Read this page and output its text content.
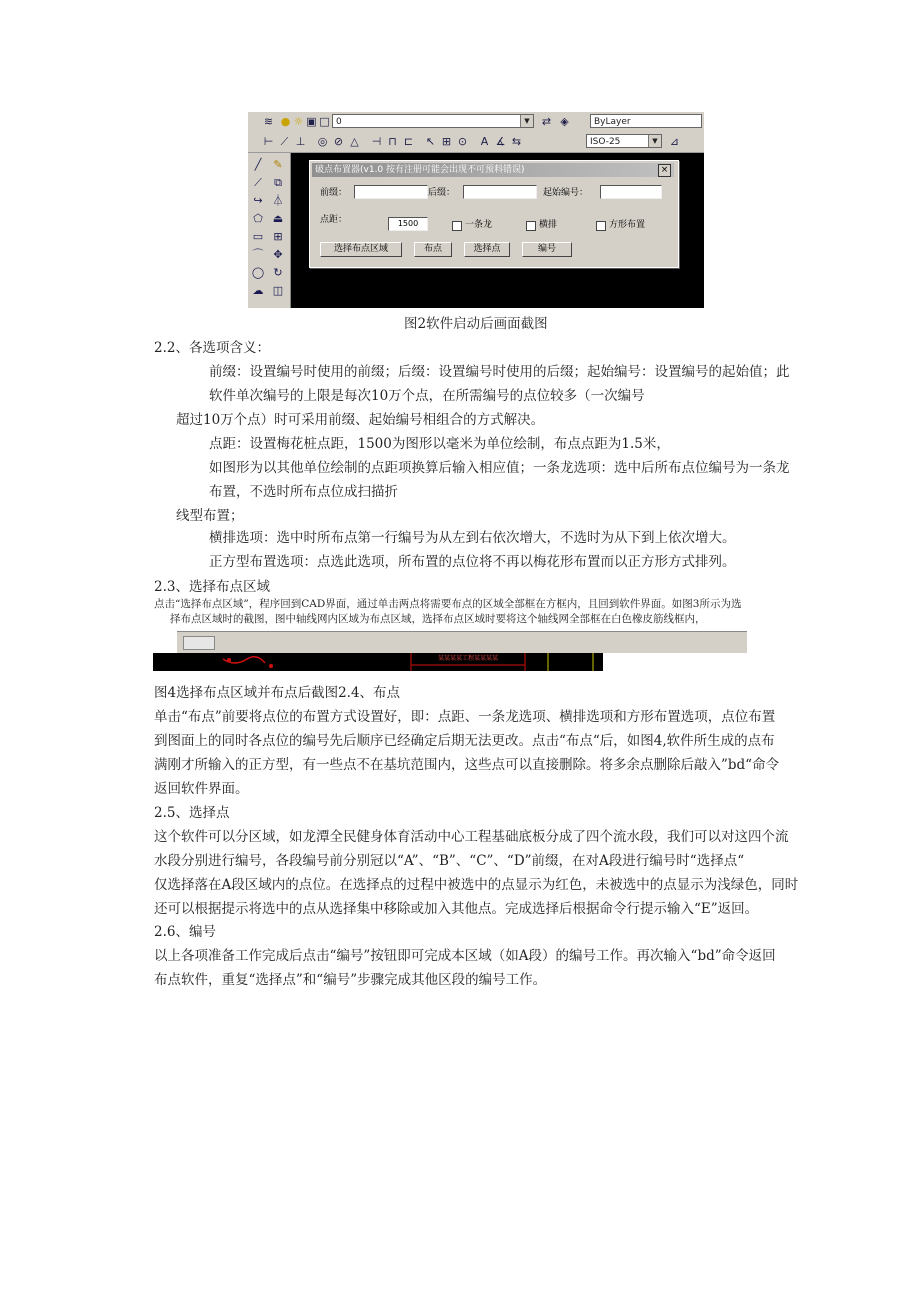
≋ ● ☼ ▣ □ 0	▼	⇄ ◈	ByLayer
⊢ ⟋ ⊥ ◎ ⊘ △ ⊣ ⊓ ⊏ ↖ ⊞ ⊙ A ∡ ⇆	ISO-25	▼	⊿
╱
⟋
↪
⬠
▭
⌒
◯
☁
✎
⧉
⏃
⏏
⊞
✥
↻
◫
破点布置器(v1.0 按有注册可能会出现不可预料错误)	×
前缀：	后缀：	起始编号：
点距：	1500	一条龙	横排	方形布置
选择布点区域	布点	选择点	编号
图2软件启动后画面截图
2.2、各选项含义：
前缀：设置编号时使用的前缀；后缀：设置编号时使用的后缀；起始编号：设置编号的起始值；此
软件单次编号的上限是每次10万个点，在所需编号的点位较多（一次编号
超过10万个点）时可采用前缀、起始编号相组合的方式解决。
点距：设置梅花桩点距，1500为图形以毫米为单位绘制，布点点距为1.5米，
如图形为以其他单位绘制的点距项换算后输入相应值；一条龙选项：选中后所布点位编号为一条龙
布置，不选时所布点位成扫描折
线型布置；
横排选项：选中时所布点第一行编号为从左到右依次增大，不选时为从下到上依次增大。
正方型布置选项：点选此选项，所布置的点位将不再以梅花形布置而以正方形方式排列。
2.3、选择布点区域
点击“选择布点区域”，程序回到CAD界面，通过单击两点将需要布点的区域全部框在方框内，且回到软件界面。如图3所示为选
择布点区域时的截图，图中轴线网内区域为布点区域，选择布点区域时要将这个轴线网全部框在白色橡皮筋线框内，
某某某某工程某某某某
图4选择布点区域并布点后截图2.4、布点
单击“布点”前要将点位的布置方式设置好，即：点距、一条龙选项、横排选项和方形布置选项，点位布置
到图面上的同时各点位的编号先后顺序已经确定后期无法更改。点击“布点“后，如图4,软件所生成的点布
满刚才所输入的正方型，有一些点不在基坑范围内，这些点可以直接删除。将多余点删除后敲入”bd“命令
返回软件界面。
2.5、选择点
这个软件可以分区域，如龙潭全民健身体育活动中心工程基础底板分成了四个流水段，我们可以对这四个流
水段分别进行编号，各段编号前分别冠以“A”、“B”、“C”、“D”前缀，在对A段进行编号时“选择点“
仅选择落在A段区域内的点位。在选择点的过程中被选中的点显示为红色，未被选中的点显示为浅绿色，同时
还可以根据提示将选中的点从选择集中移除或加入其他点。完成选择后根据命令行提示输入“E”返回。
2.6、编号
以上各项准备工作完成后点击“编号”按钮即可完成本区域（如A段）的编号工作。再次输入“bd”命令返回
布点软件，重复“选择点”和“编号”步骤完成其他区段的编号工作。
